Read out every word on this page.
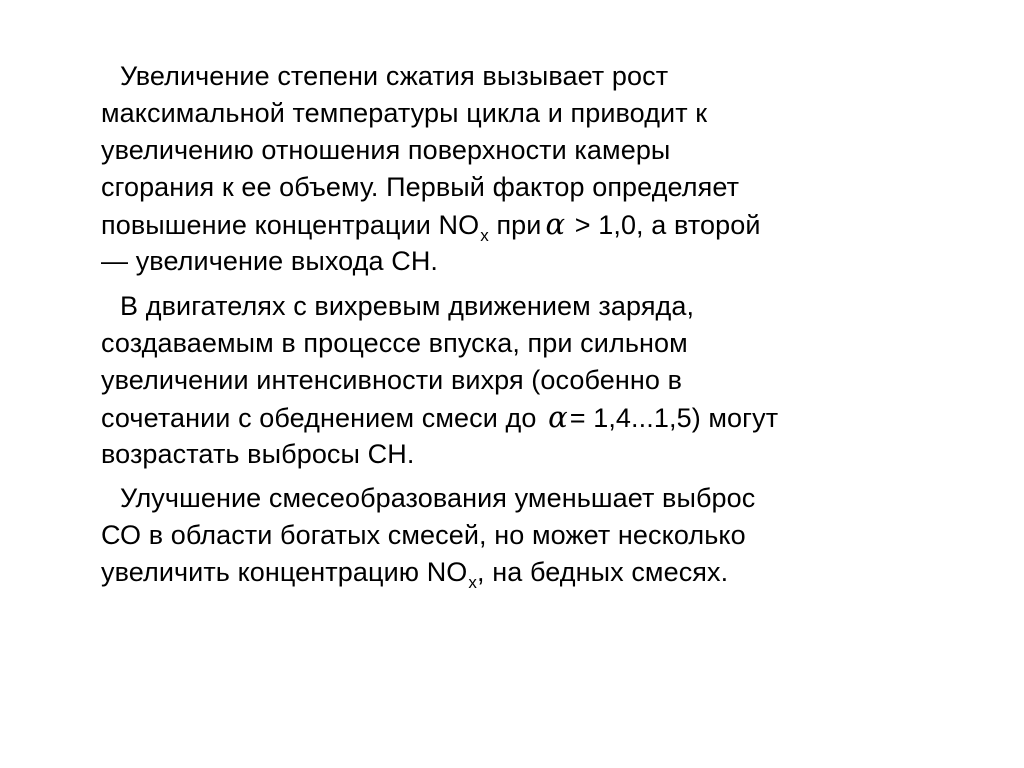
Увеличение степени сжатия вызывает рост
максимальной температуры цикла и приводит к
увеличению отношения поверхности камеры
сгорания к ее объему. Первый фактор определяет
повышение концентрации $NO_х$ при α > 1,0, а второй
— увеличение выхода СН.
В двигателях с вихревым движением заряда,
создаваемым в процессе впуска, при сильном
увеличении интенсивности вихря (особенно в
сочетании с обеднением смеси до α= 1,4...1,5) могут
возрастать выбросы СН.
Улучшение смесеобразования уменьшает выброс
СО в области богатых смесей, но может несколько
увеличить концентрацию $NO_х$, на бедных смесях.
